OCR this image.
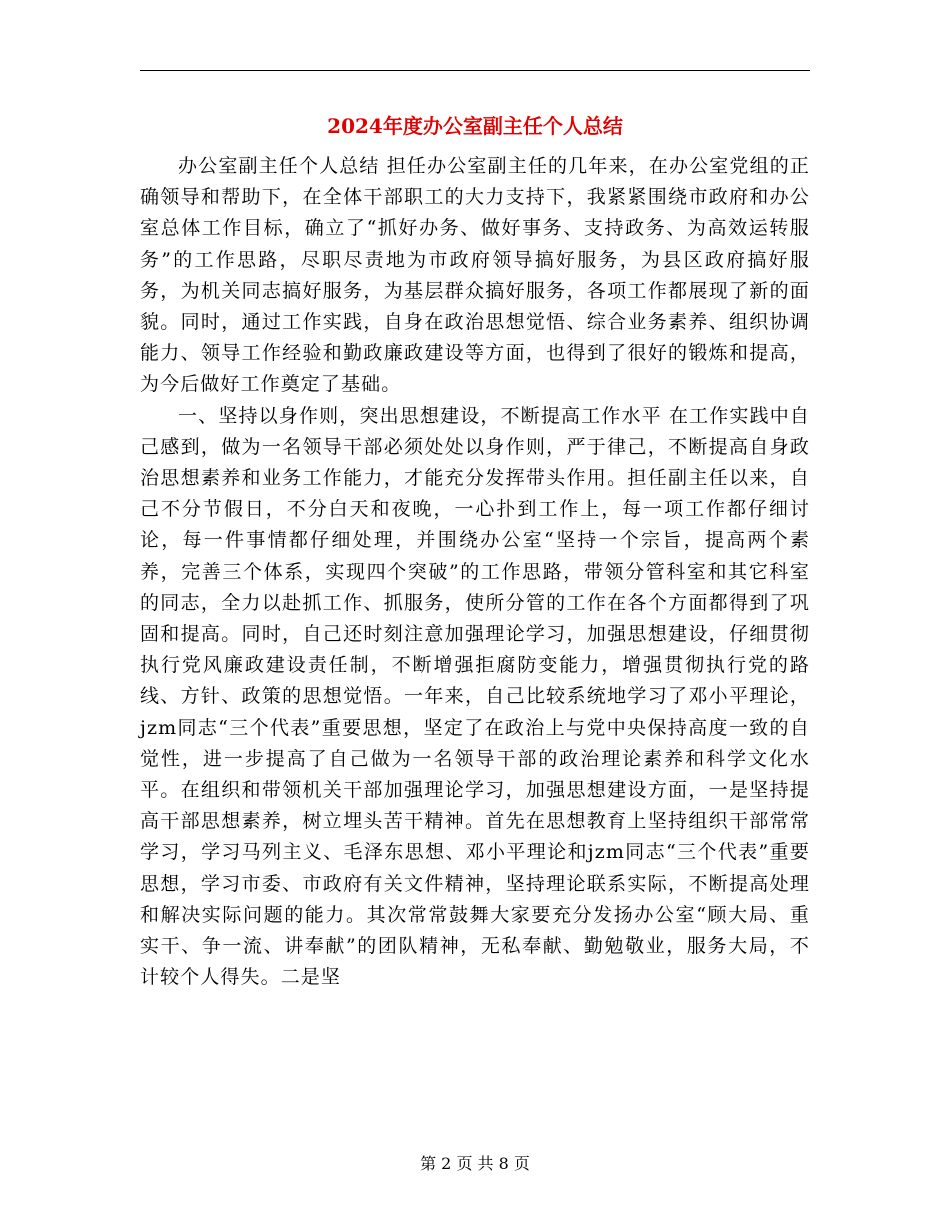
2024年度办公室副主任个人总结

办公室副主任个人总结 担任办公室副主任的几年来，在办公室党组的正确领导和帮助下，在全体干部职工的大力支持下，我紧紧围绕市政府和办公室总体工作目标，确立了“抓好办务、做好事务、支持政务、为高效运转服务”的工作思路，尽职尽责地为市政府领导搞好服务，为县区政府搞好服务，为机关同志搞好服务，为基层群众搞好服务，各项工作都展现了新的面貌。同时，通过工作实践，自身在政治思想觉悟、综合业务素养、组织协调能力、领导工作经验和勤政廉政建设等方面，也得到了很好的锻炼和提高，为今后做好工作奠定了基础。

一、坚持以身作则，突出思想建设，不断提高工作水平 在工作实践中自己感到，做为一名领导干部必须处处以身作则，严于律己，不断提高自身政治思想素养和业务工作能力，才能充分发挥带头作用。担任副主任以来，自己不分节假日，不分白天和夜晚，一心扑到工作上，每一项工作都仔细讨论，每一件事情都仔细处理，并围绕办公室“坚持一个宗旨，提高两个素养，完善三个体系，实现四个突破”的工作思路，带领分管科室和其它科室的同志，全力以赴抓工作、抓服务，使所分管的工作在各个方面都得到了巩固和提高。同时，自己还时刻注意加强理论学习，加强思想建设，仔细贯彻执行党风廉政建设责任制，不断增强拒腐防变能力，增强贯彻执行党的路线、方针、政策的思想觉悟。一年来，自己比较系统地学习了邓小平理论，jzm同志“三个代表”重要思想，坚定了在政治上与党中央保持高度一致的自觉性，进一步提高了自己做为一名领导干部的政治理论素养和科学文化水平。在组织和带领机关干部加强理论学习，加强思想建设方面，一是坚持提高干部思想素养，树立埋头苦干精神。首先在思想教育上坚持组织干部常常学习，学习马列主义、毛泽东思想、邓小平理论和jzm同志“三个代表”重要思想，学习市委、市政府有关文件精神，坚持理论联系实际，不断提高处理和解决实际问题的能力。其次常常鼓舞大家要充分发扬办公室“顾大局、重实干、争一流、讲奉献”的团队精神，无私奉献、勤勉敬业，服务大局，不计较个人得失。二是坚

第 2 页 共 8 页
